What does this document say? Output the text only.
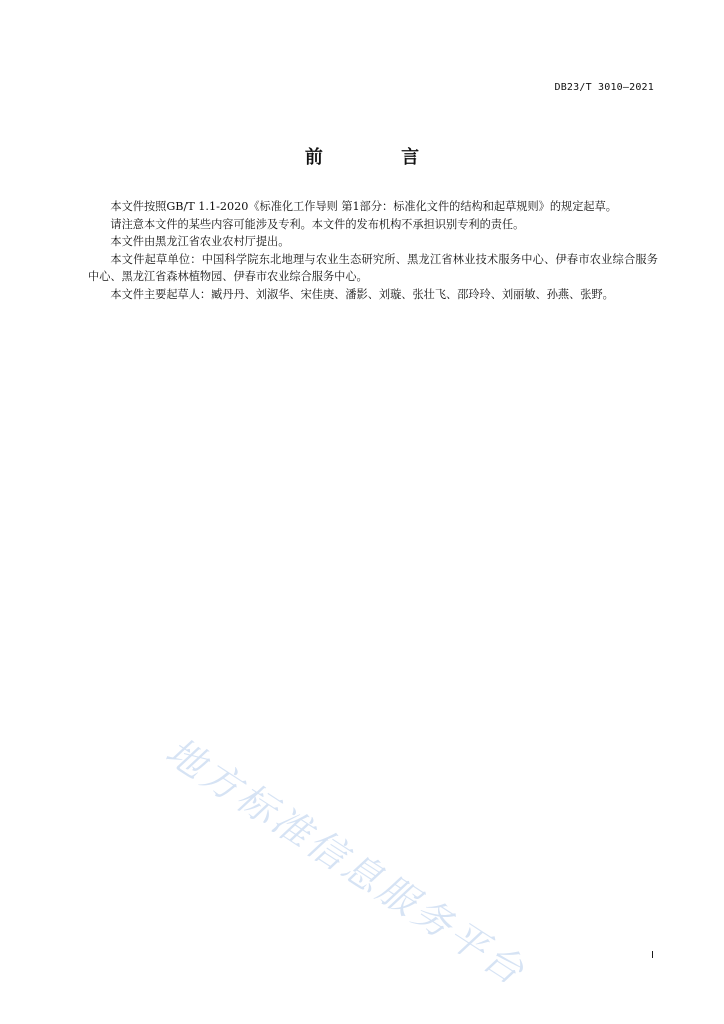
DB23/T 3010—2021
前 言

本文件按照GB/T 1.1-2020《标准化工作导则 第1部分：标准化文件的结构和起草规则》的规定起草。

请注意本文件的某些内容可能涉及专利。本文件的发布机构不承担识别专利的责任。

本文件由黑龙江省农业农村厅提出。

本文件起草单位：中国科学院东北地理与农业生态研究所、黑龙江省林业技术服务中心、伊春市农业综合服务中心、黑龙江省森林植物园、伊春市农业综合服务中心。

本文件主要起草人：臧丹丹、刘淑华、宋佳庚、潘影、刘璇、张壮飞、邵玲玲、刘丽敏、孙燕、张野。

地方标准信息服务平台	I
